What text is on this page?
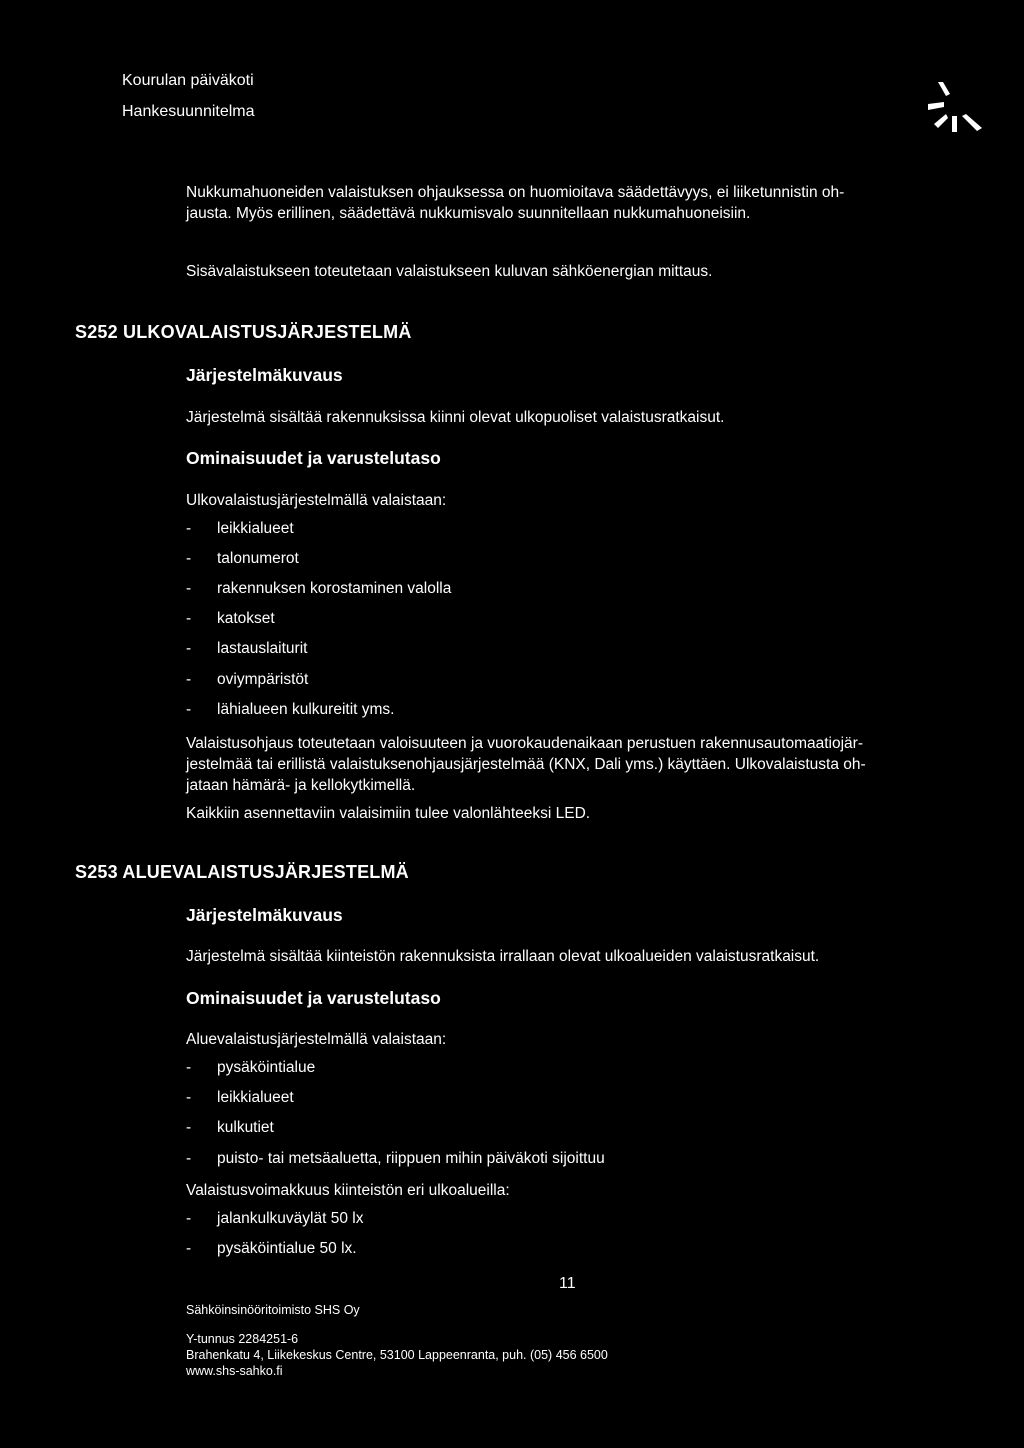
Kourulan päiväkoti
Hankesuunnitelma
Nukkumahuoneiden valaistuksen ohjauksessa on huomioitava säädettävyys, ei liiketunnistin oh-
jausta. Myös erillinen, säädettävä nukkumisvalo suunnitellaan nukkumahuoneisiin.
Sisävalaistukseen toteutetaan valaistukseen kuluvan sähköenergian mittaus.
S252 ULKOVALAISTUSJÄRJESTELMÄ
Järjestelmäkuvaus
Järjestelmä sisältää rakennuksissa kiinni olevat ulkopuoliset valaistusratkaisut.
Ominaisuudet ja varustelutaso
Ulkovalaistusjärjestelmällä valaistaan:
- leikkialueet
- talonumerot
- rakennuksen korostaminen valolla
- katokset
- lastauslaiturit
- oviympäristöt
- lähialueen kulkureitit yms.
Valaistusohjaus toteutetaan valoisuuteen ja vuorokaudenaikaan perustuen rakennusautomaatiojär-
jestelmää tai erillistä valaistuksenohjausjärjestelmää (KNX, Dali yms.) käyttäen. Ulkovalaistusta oh-
jataan hämärä- ja kellokytkimellä.
Kaikkiin asennettaviin valaisimiin tulee valonlähteeksi LED.
S253 ALUEVALAISTUSJÄRJESTELMÄ
Järjestelmäkuvaus
Järjestelmä sisältää kiinteistön rakennuksista irrallaan olevat ulkoalueiden valaistusratkaisut.
Ominaisuudet ja varustelutaso
Aluevalaistusjärjestelmällä valaistaan:
- pysäköintialue
- leikkialueet
- kulkutiet
- puisto- tai metsäaluetta, riippuen mihin päiväkoti sijoittuu
Valaistusvoimakkuus kiinteistön eri ulkoalueilla:
- jalankulkuväylät 50 lx
- pysäköintialue 50 lx.
11
Sähköinsinööritoimisto SHS Oy
Y-tunnus 2284251-6
Brahenkatu 4, Liikekeskus Centre, 53100 Lappeenranta, puh. (05) 456 6500
www.shs-sahko.fi
